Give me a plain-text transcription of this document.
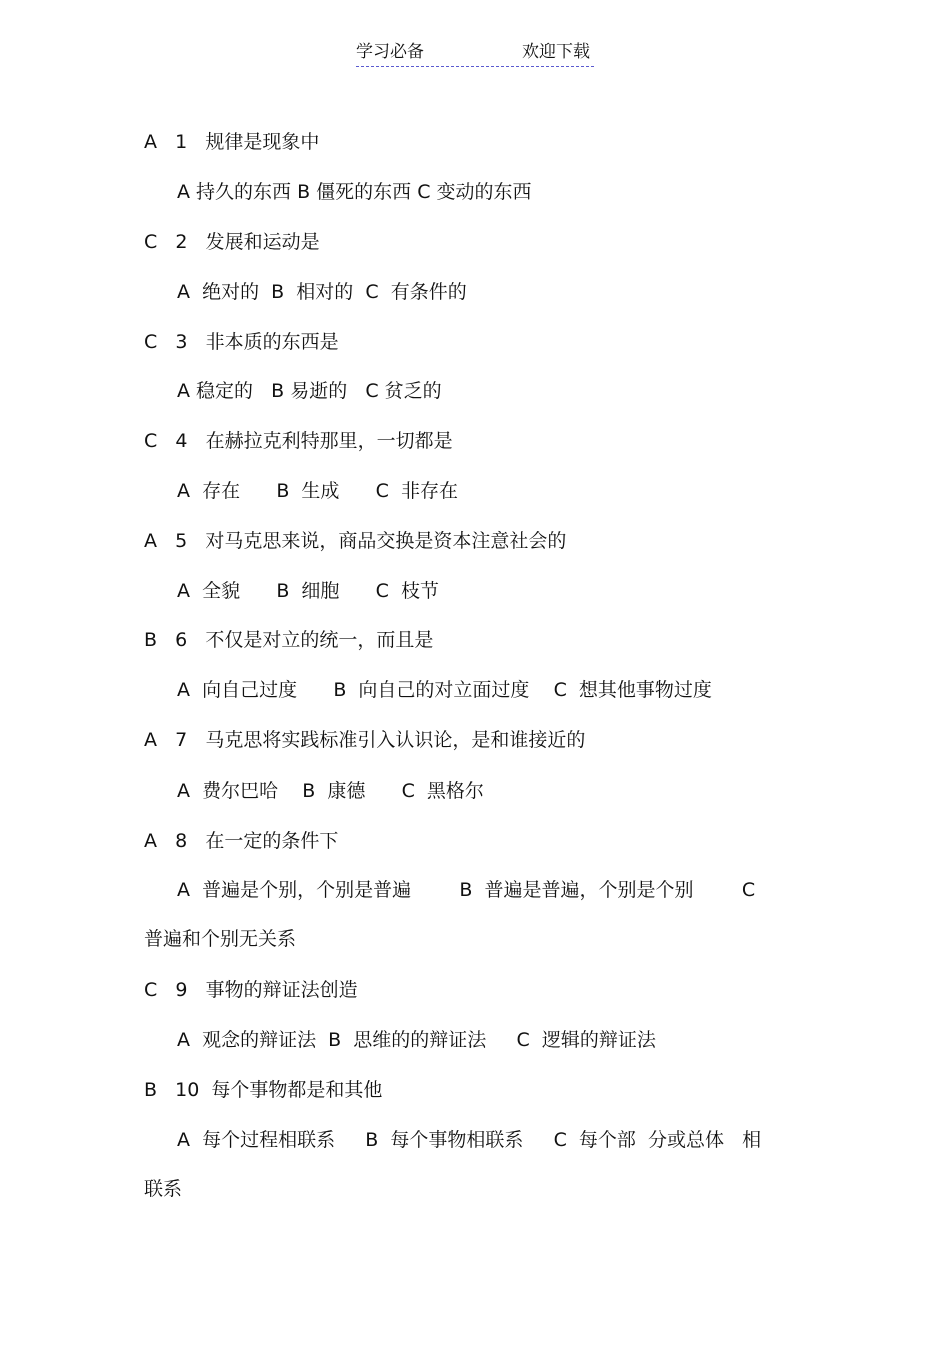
学习必备	欢迎下载
A   1   规律是现象中
A 持久的东西 B 僵死的东西 C 变动的东西
C   2   发展和运动是
A  绝对的  B  相对的  C  有条件的
C   3   非本质的东西是
A 稳定的   B 易逝的   C 贫乏的
C   4   在赫拉克利特那里，一切都是
A  存在      B  生成      C  非存在
A   5   对马克思来说，商品交换是资本注意社会的
A  全貌      B  细胞      C  枝节
B   6   不仅是对立的统一，而且是
A  向自己过度      B  向自己的对立面过度    C  想其他事物过度
A   7   马克思将实践标准引入认识论，是和谁接近的
A  费尔巴哈    B  康德      C  黑格尔
A   8   在一定的条件下
A  普遍是个别，个别是普遍        B  普遍是普遍，个别是个别        C
普遍和个别无关系
C   9   事物的辩证法创造
A  观念的辩证法  B  思维的的辩证法     C  逻辑的辩证法
B   10  每个事物都是和其他
A  每个过程相联系     B  每个事物相联系     C  每个部  分或总体   相
联系
